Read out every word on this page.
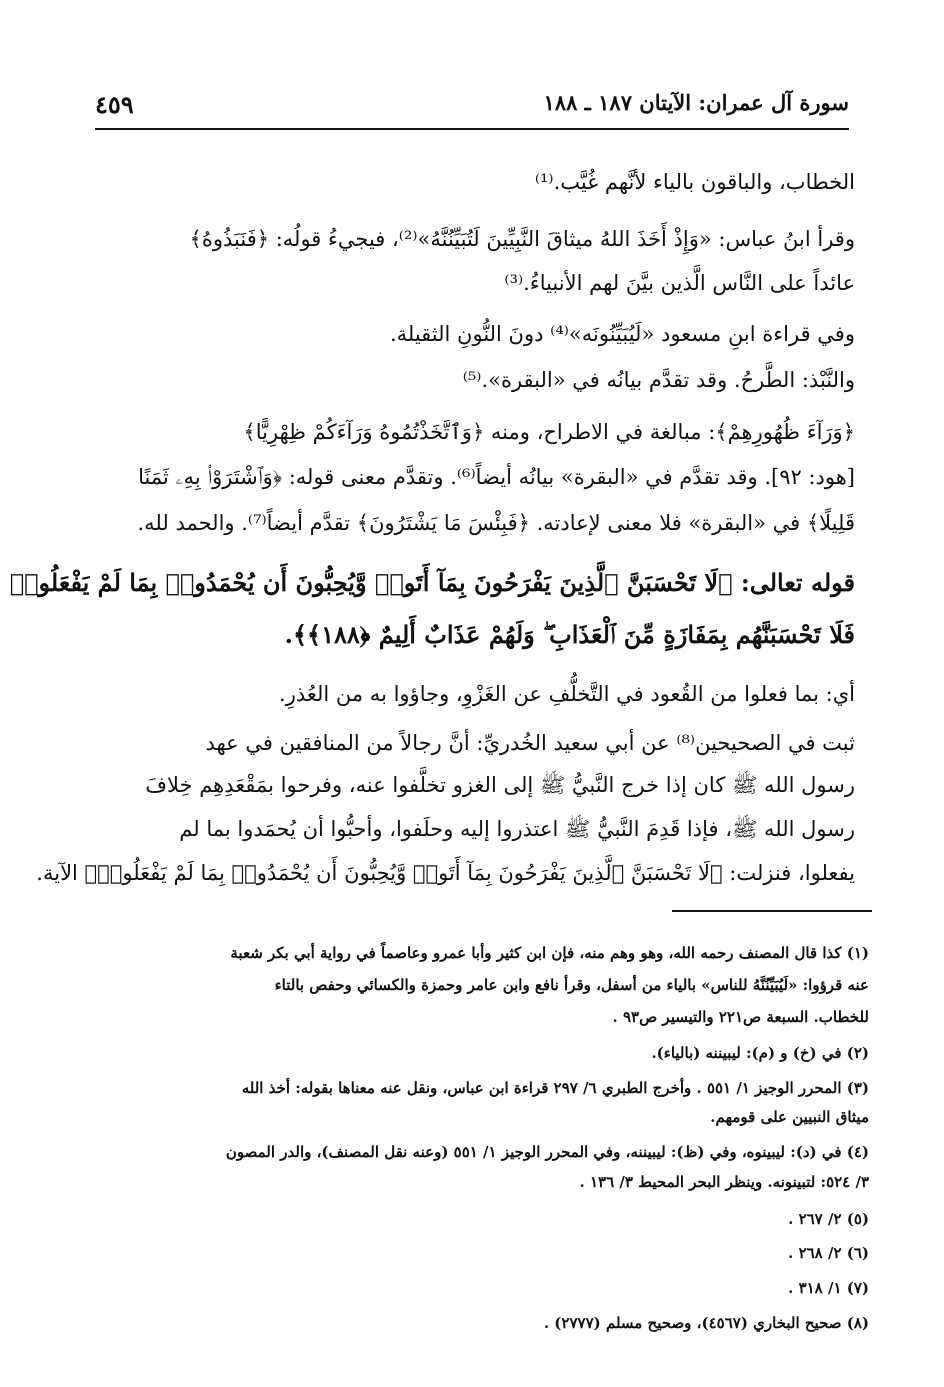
سورة آل عمران: الآيتان ١٨٧ ـ ١٨٨
٤٥٩
الخطاب، والباقون بالياء لأنَّهم غُيَّب.⁽¹⁾
وقرأ ابنُ عباس: «وَإِذْ أَخَذَ اللهُ ميثاقَ النَّبِيِّينَ لَتُبَيِّنُنَّهُ»⁽²⁾، فيجيءُ قولُه: ﴿فَنَبَذُوهُ﴾
عائداً على النَّاس الَّذين بيَّنَ لهم الأنبياءُ.⁽³⁾
وفي قراءة ابنِ مسعود «لَيُبَيِّنُونَه»⁽⁴⁾ دونَ النُّونِ الثقيلة.
والنَّبْذ: الطَّرحُ. وقد تقدَّم بيانُه في «البقرة».⁽⁵⁾
﴿وَرَآءَ ظُهُورِهِمْ﴾: مبالغة في الاطراح، ومنه ﴿وَٱتَّخَذْتُمُوهُ وَرَآءَكُمْ ظِهْرِيًّا﴾
[هود: ٩٢]. وقد تقدَّم في «البقرة» بيانُه أيضاً⁽⁶⁾. وتقدَّم معنى قوله: ﴿وَٱشْتَرَوْا۟ بِهِۦ ثَمَنًا
قَلِيلًا﴾ في «البقرة» فلا معنى لإعادته. ﴿فَبِئْسَ مَا يَشْتَرُونَ﴾ تقدَّم أيضاً⁽⁷⁾. والحمد لله.
قوله تعالى: ﴿لَا تَحْسَبَنَّ ٱلَّذِينَ يَفْرَحُونَ بِمَآ أَتَوا۟ وَّيُحِبُّونَ أَن يُحْمَدُوا۟ بِمَا لَمْ يَفْعَلُوا۟
فَلَا تَحْسَبَنَّهُم بِمَفَازَةٍ مِّنَ ٱلْعَذَابِ ۖ وَلَهُمْ عَذَابٌ أَلِيمٌ ﴿١٨٨﴾﴾.
أي: بما فعلوا من القُعود في التَّخلُّفِ عن الغَزْوِ، وجاؤوا به من العُذرِ.
ثبت في الصحيحين⁽⁸⁾ عن أبي سعيد الخُدريِّ: أنَّ رجالاً من المنافقين في عهد
رسول الله ﷺ كان إذا خرج النَّبيُّ ﷺ إلى الغزو تخلَّفوا عنه، وفرحوا بمَقْعَدِهِم خِلافَ
رسول الله ﷺ، فإذا قَدِمَ النَّبيُّ ﷺ اعتذروا إليه وحلَفوا، وأحبُّوا أن يُحمَدوا بما لم
يفعلوا، فنزلت: ﴿لَا تَحْسَبَنَّ ٱلَّذِينَ يَفْرَحُونَ بِمَآ أَتَوا۟ وَّيُحِبُّونَ أَن يُحْمَدُوا۟ بِمَا لَمْ يَفْعَلُوا۟﴾ الآية.
(١) كذا قال المصنف رحمه الله، وهو وهم منه، فإن ابن كثير وأبا عمرو وعاصماً في رواية أبي بكر شعبة
عنه قرؤوا: «لَيُبَيِّنُنَّهُ للناس» بالياء من أسفل، وقرأ نافع وابن عامر وحمزة والكسائي وحفص بالتاء
للخطاب. السبعة ص٢٢١ والتيسير ص٩٣ .
(٢) في (خ) و (م): ليبيننه (بالياء).
(٣) المحرر الوجيز ١/ ٥٥١ . وأخرج الطبري ٦/ ٢٩٧ قراءة ابن عباس، ونقل عنه معناها بقوله: أخذ الله
ميثاق النبيين على قومهم.
(٤) في (د): ليبينوه، وفي (ظ): ليبيننه، وفي المحرر الوجيز ١/ ٥٥١ (وعنه نقل المصنف)، والدر المصون
٣/ ٥٢٤: لتبينونه. وينظر البحر المحيط ٣/ ١٣٦ .
(٥) ٢/ ٢٦٧ .
(٦) ٢/ ٢٦٨ .
(٧) ١/ ٣١٨ .
(٨) صحيح البخاري (٤٥٦٧)، وصحيح مسلم (٢٧٧٧) .
